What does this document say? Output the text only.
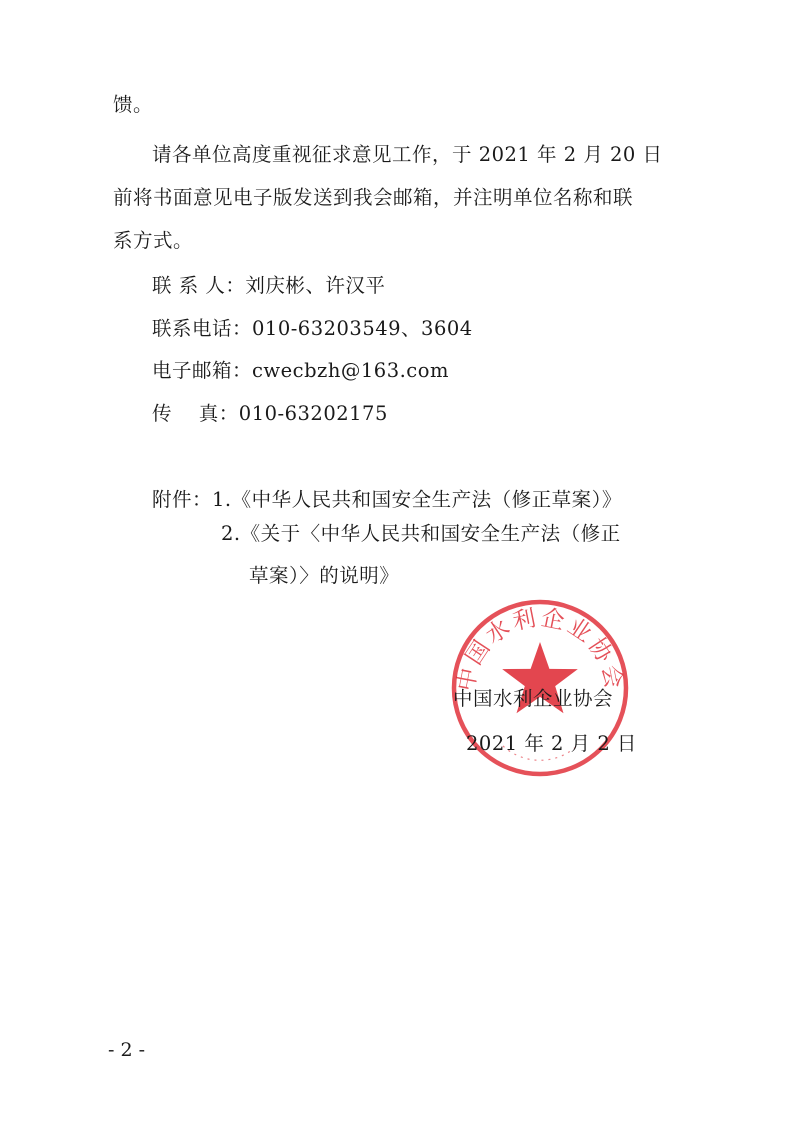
馈。
请各单位高度重视征求意见工作，于 2021 年 2 月 20 日
前将书面意见电子版发送到我会邮箱，并注明单位名称和联
系方式。
联 系 人：刘庆彬、许汉平
联系电话：010-63203549、3604
电子邮箱：cwecbzh@163.com
传    真：010-63202175
附件：1.《中华人民共和国安全生产法（修正草案）》
2.《关于〈中华人民共和国安全生产法（修正
草案）〉的说明》
中国水利企业协会
中国水利企业协会
2021 年 2 月 2 日
- 2 -
